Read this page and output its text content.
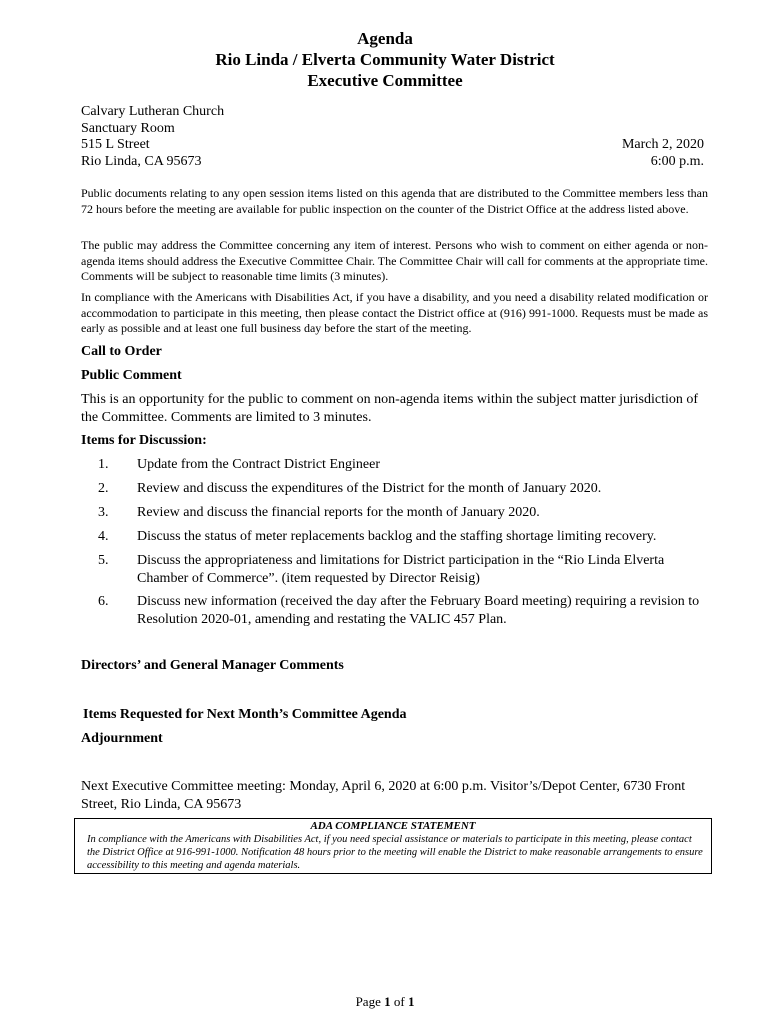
Agenda
Rio Linda / Elverta Community Water District
Executive Committee
Calvary Lutheran Church
Sanctuary Room
515 L Street
Rio Linda, CA 95673
March 2, 2020
6:00 p.m.

Public documents relating to any open session items listed on this agenda that are distributed to the Committee members less than 72 hours before the meeting are available for public inspection on the counter of the District Office at the address listed above.

The public may address the Committee concerning any item of interest. Persons who wish to comment on either agenda or non-agenda items should address the Executive Committee Chair. The Committee Chair will call for comments at the appropriate time. Comments will be subject to reasonable time limits (3 minutes).

In compliance with the Americans with Disabilities Act, if you have a disability, and you need a disability related modification or accommodation to participate in this meeting, then please contact the District office at (916) 991-1000. Requests must be made as early as possible and at least one full business day before the start of the meeting.

Call to Order
Public Comment

This is an opportunity for the public to comment on non-agenda items within the subject matter jurisdiction of the Committee. Comments are limited to 3 minutes.

Items for Discussion:
1. Update from the Contract District Engineer
2. Review and discuss the expenditures of the District for the month of January 2020.
3. Review and discuss the financial reports for the month of January 2020.
4. Discuss the status of meter replacements backlog and the staffing shortage limiting recovery.
5. Discuss the appropriateness and limitations for District participation in the “Rio Linda Elverta Chamber of Commerce”. (item requested by Director Reisig)
6. Discuss new information (received the day after the February Board meeting) requiring a revision to Resolution 2020-01, amending and restating the VALIC 457 Plan.
Directors’ and General Manager Comments
Items Requested for Next Month’s Committee Agenda
Adjournment

Next Executive Committee meeting: Monday, April 6, 2020 at 6:00 p.m. Visitor’s/Depot Center, 6730 Front Street, Rio Linda, CA 95673

ADA COMPLIANCE STATEMENT
In compliance with the Americans with Disabilities Act, if you need special assistance or materials to participate in this meeting, please contact the District Office at 916-991-1000. Notification 48 hours prior to the meeting will enable the District to make reasonable arrangements to ensure accessibility to this meeting and agenda materials.
Page 1 of 1
